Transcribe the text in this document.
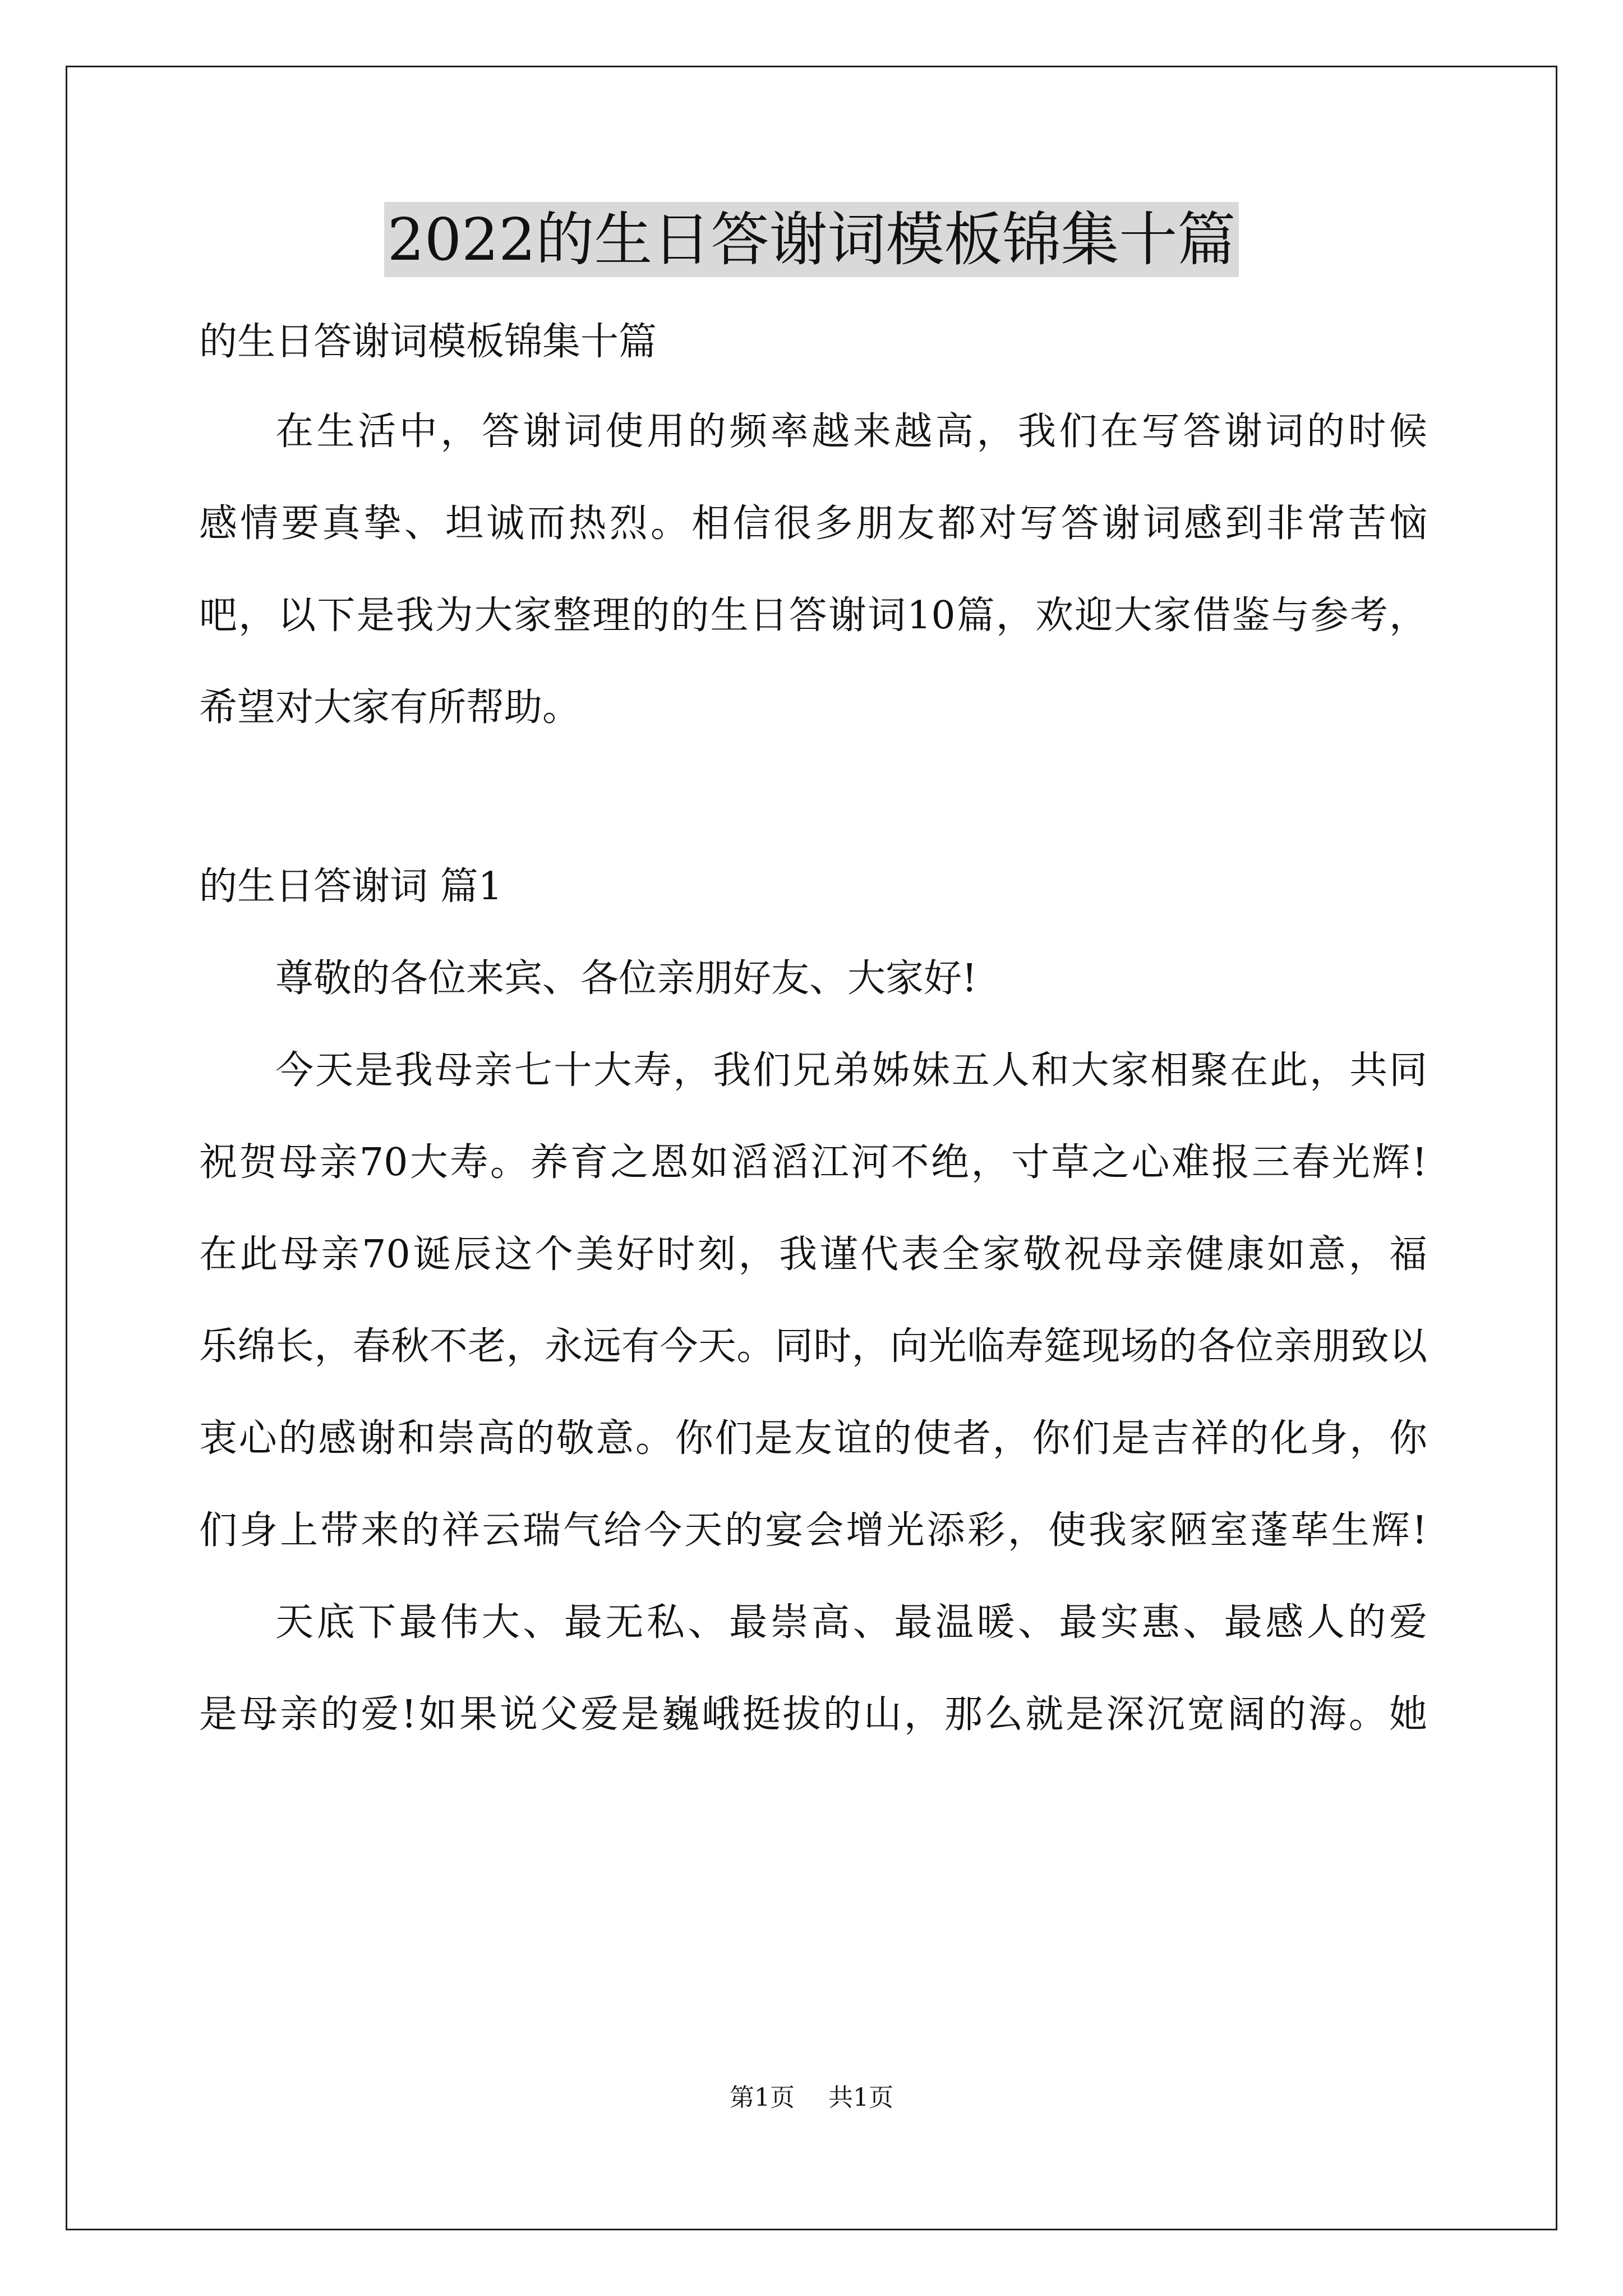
2022的生日答谢词模板锦集十篇
的生日答谢词模板锦集十篇
在生活中，答谢词使用的频率越来越高，我们在写答谢词的时候
感情要真挚、坦诚而热烈。相信很多朋友都对写答谢词感到非常苦恼
吧，以下是我为大家整理的的生日答谢词10篇，欢迎大家借鉴与参考，
希望对大家有所帮助。
的生日答谢词 篇1
尊敬的各位来宾、各位亲朋好友、大家好!
今天是我母亲七十大寿，我们兄弟姊妹五人和大家相聚在此，共同
祝贺母亲70大寿。养育之恩如滔滔江河不绝，寸草之心难报三春光辉!
在此母亲70诞辰这个美好时刻，我谨代表全家敬祝母亲健康如意，福
乐绵长，春秋不老，永远有今天。同时，向光临寿筵现场的各位亲朋致以
衷心的感谢和崇高的敬意。你们是友谊的使者，你们是吉祥的化身，你
们身上带来的祥云瑞气给今天的宴会增光添彩，使我家陋室蓬荜生辉!
天底下最伟大、最无私、最崇高、最温暖、最实惠、最感人的爱
是母亲的爱!如果说父爱是巍峨挺拔的山，那么就是深沉宽阔的海。她
第1页 共1页
